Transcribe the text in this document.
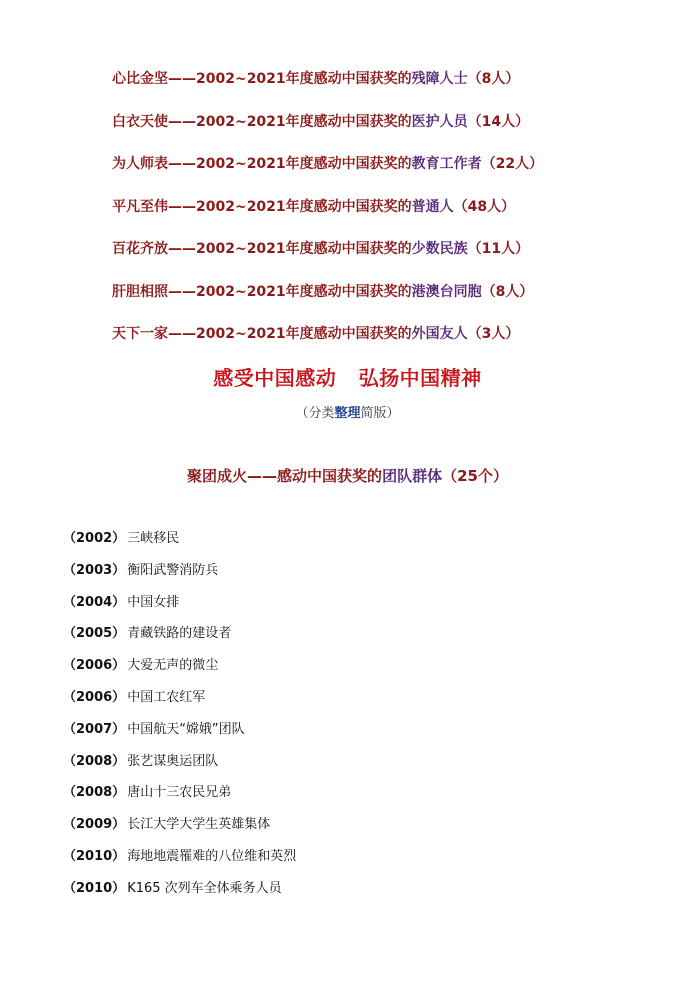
心比金坚——2002~2021年度感动中国获奖的残障人士（8人）
白衣天使——2002~2021年度感动中国获奖的医护人员（14人）
为人师表——2002~2021年度感动中国获奖的教育工作者（22人）
平凡至伟——2002~2021年度感动中国获奖的普通人（48人）
百花齐放——2002~2021年度感动中国获奖的少数民族（11人）
肝胆相照——2002~2021年度感动中国获奖的港澳台同胞（8人）
天下一家——2002~2021年度感动中国获奖的外国友人（3人）
感受中国感动   弘扬中国精神
（分类整理简版）
聚团成火——感动中国获奖的团队群体（25个）
（2002） 三峡移民
（2003） 衡阳武警消防兵
（2004） 中国女排
（2005） 青藏铁路的建设者
（2006） 大爱无声的微尘
（2006） 中国工农红军
（2007） 中国航天“嫦娥”团队
（2008） 张艺谋奥运团队
（2008） 唐山十三农民兄弟
（2009） 长江大学大学生英雄集体
（2010） 海地地震罹难的八位维和英烈
（2010） K165 次列车全体乘务人员
